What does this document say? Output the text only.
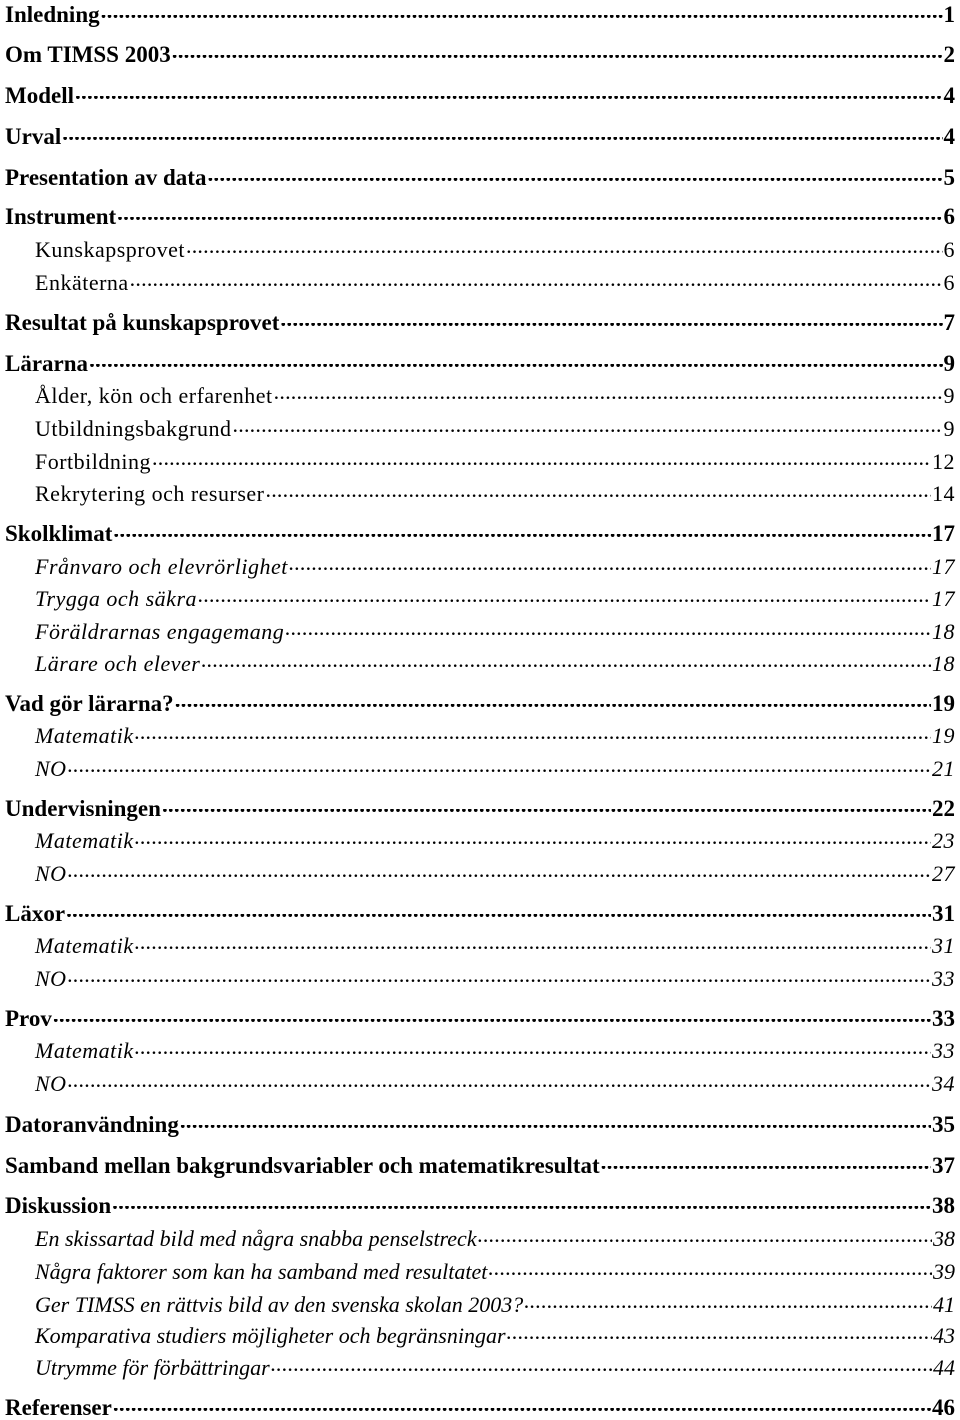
Inledning . . .	1
Om TIMSS 2003 . . .	2
Modell . . .	4
Urval . . .	4
Presentation av data . . .	5
Instrument . . .	6
Kunskapsprovet . . .	6
Enkäterna . . .	6
Resultat på kunskapsprovet . . .	7
Lärarna . . .	9
Ålder, kön och erfarenhet . . .	9
Utbildningsbakgrund . . .	9
Fortbildning . . .	12
Rekrytering och resurser . . .	14
Skolklimat . . .	17
Frånvaro och elevrörlighet . . .	17
Trygga och säkra . . .	17
Föräldrarnas engagemang . . .	18
Lärare och elever . . .	18
Vad gör lärarna? . . .	19
Matematik . . .	19
NO . . .	21
Undervisningen . . .	22
Matematik . . .	23
NO . . .	27
Läxor . . .	31
Matematik . . .	31
NO . . .	33
Prov . . .	33
Matematik . . .	33
NO . . .	34
Datoranvändning . . .	35
Samband mellan bakgrundsvariabler och matematikresultat . . .	37
Diskussion . . .	38
En skissartad bild med några snabba penselstreck . . .	38
Några faktorer som kan ha samband med resultatet . . .	39
Ger TIMSS en rättvis bild av den svenska skolan 2003? . . .	41
Komparativa studiers möjligheter och begränsningar . . .	43
Utrymme för förbättringar . . .	44
Referenser . . .	46
